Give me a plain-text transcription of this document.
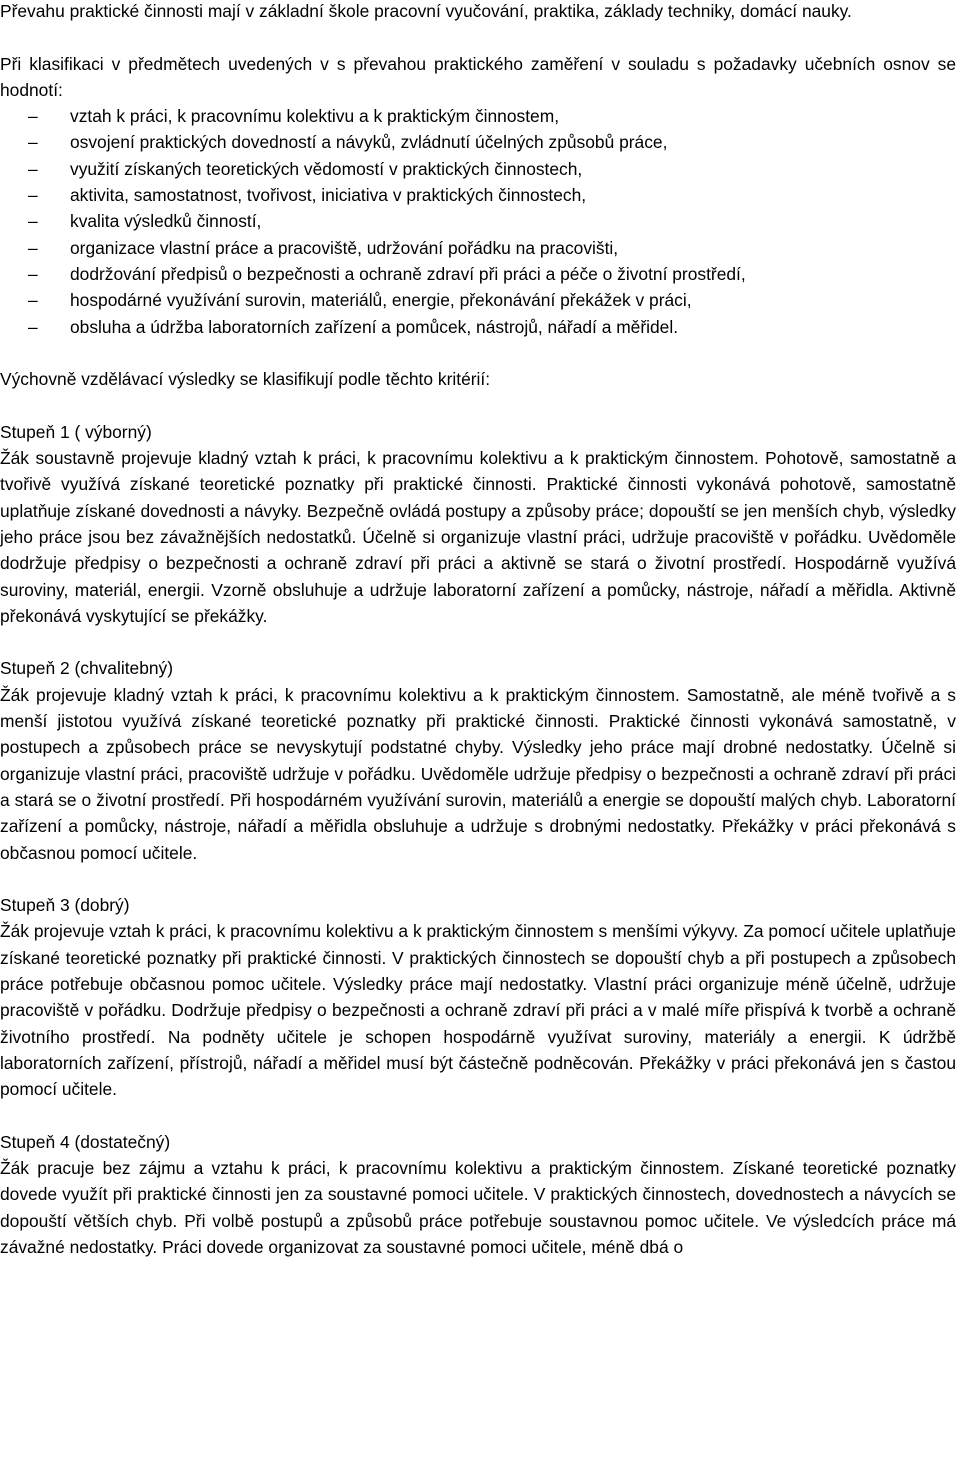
Převahu praktické činnosti mají v základní škole pracovní vyučování, praktika, základy techniky, domácí nauky.

Při klasifikaci v předmětech uvedených v s převahou praktického zaměření v souladu s požadavky učebních osnov se hodnotí:

– vztah k práci, k pracovnímu kolektivu a k praktickým činnostem,
– osvojení praktických dovedností a návyků, zvládnutí účelných způsobů práce,
– využití získaných teoretických vědomostí v praktických činnostech,
– aktivita, samostatnost, tvořivost, iniciativa v praktických činnostech,
– kvalita výsledků činností,
– organizace vlastní práce a pracoviště, udržování pořádku na pracovišti,
– dodržování předpisů o bezpečnosti a ochraně zdraví při práci a péče o životní prostředí,
– hospodárné využívání surovin, materiálů, energie, překonávání překážek v práci,
– obsluha a údržba laboratorních zařízení a pomůcek, nástrojů, nářadí a měřidel.

Výchovně vzdělávací výsledky se klasifikují podle těchto kritérií:

Stupeň 1 ( výborný)

Žák soustavně projevuje kladný vztah k práci, k pracovnímu kolektivu a k praktickým činnostem. Pohotově, samostatně a tvořivě využívá získané teoretické poznatky při praktické činnosti. Praktické činnosti vykonává pohotově, samostatně uplatňuje získané dovednosti a návyky. Bezpečně ovládá postupy a způsoby práce; dopouští se jen menších chyb, výsledky jeho práce jsou bez závažnějších nedostatků. Účelně si organizuje vlastní práci, udržuje pracoviště v pořádku. Uvědoměle dodržuje předpisy o bezpečnosti a ochraně zdraví při práci a aktivně se stará o životní prostředí. Hospodárně využívá suroviny, materiál, energii. Vzorně obsluhuje a udržuje laboratorní zařízení a pomůcky, nástroje, nářadí a měřidla. Aktivně překonává vyskytující se překážky.

Stupeň 2 (chvalitebný)

Žák projevuje kladný vztah k práci, k pracovnímu kolektivu a k praktickým činnostem. Samostatně, ale méně tvořivě a s menší jistotou využívá získané teoretické poznatky při praktické činnosti. Praktické činnosti vykonává samostatně, v postupech a způsobech práce se nevyskytují podstatné chyby. Výsledky jeho práce mají drobné nedostatky. Účelně si organizuje vlastní práci, pracoviště udržuje v pořádku. Uvědoměle udržuje předpisy o bezpečnosti a ochraně zdraví při práci a stará se o životní prostředí. Při hospodárném využívání surovin, materiálů a energie se dopouští malých chyb. Laboratorní zařízení a pomůcky, nástroje, nářadí a měřidla obsluhuje a udržuje s drobnými nedostatky. Překážky v práci překonává s občasnou pomocí učitele.

Stupeň 3 (dobrý)

Žák projevuje vztah k práci, k pracovnímu kolektivu a k praktickým činnostem s menšími výkyvy. Za pomocí učitele uplatňuje získané teoretické poznatky při praktické činnosti. V praktických činnostech se dopouští chyb a při postupech a způsobech práce potřebuje občasnou pomoc učitele. Výsledky práce mají nedostatky. Vlastní práci organizuje méně účelně, udržuje pracoviště v pořádku. Dodržuje předpisy o bezpečnosti a ochraně zdraví při práci a v malé míře přispívá k tvorbě a ochraně životního prostředí. Na podněty učitele je schopen hospodárně využívat suroviny, materiály a energii. K údržbě laboratorních zařízení, přístrojů, nářadí a měřidel musí být částečně podněcován. Překážky v práci překonává jen s častou pomocí učitele.

Stupeň 4 (dostatečný)

Žák pracuje bez zájmu a vztahu k práci, k pracovnímu kolektivu a praktickým činnostem. Získané teoretické poznatky dovede využít při praktické činnosti jen za soustavné pomoci učitele. V praktických činnostech, dovednostech a návycích se dopouští větších chyb. Při volbě postupů a způsobů práce potřebuje soustavnou pomoc učitele. Ve výsledcích práce má závažné nedostatky. Práci dovede organizovat za soustavné pomoci učitele, méně dbá o
